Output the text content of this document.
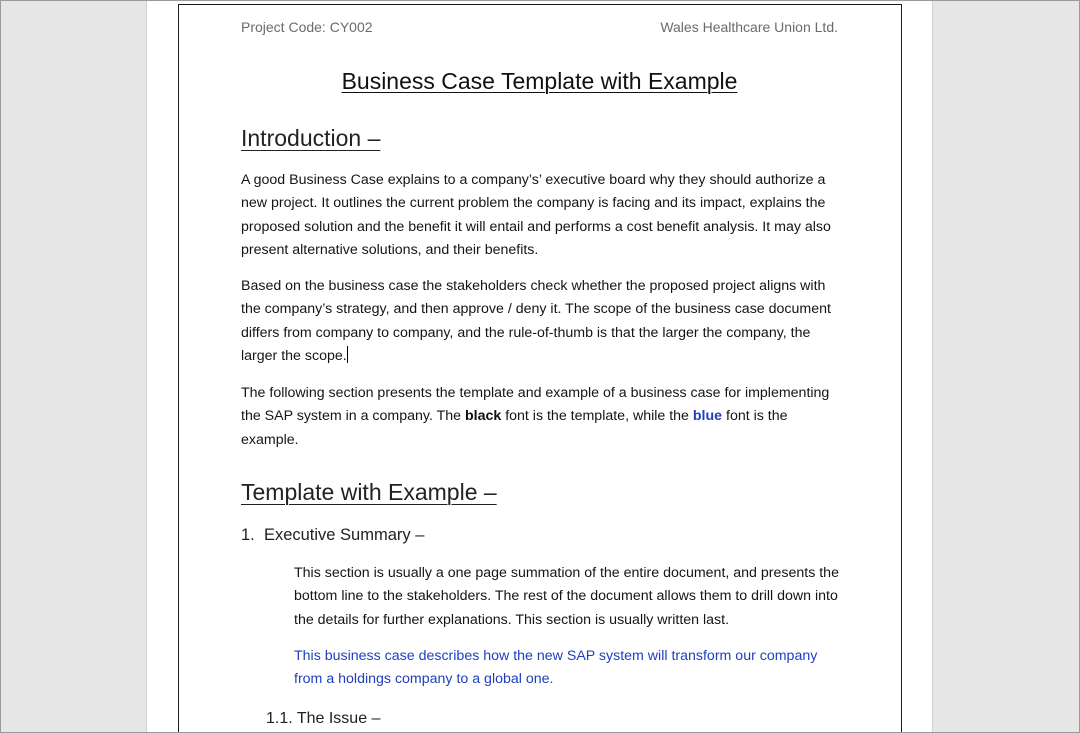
Project Code: CY002	Wales Healthcare Union Ltd.
Business Case Template with Example
Introduction –

A good Business Case explains to a company’s’ executive board why they should authorize a new project. It outlines the current problem the company is facing and its impact, explains the proposed solution and the benefit it will entail and performs a cost benefit analysis. It may also present alternative solutions, and their benefits.

Based on the business case the stakeholders check whether the proposed project aligns with the company’s strategy, and then approve / deny it. The scope of the business case document differs from company to company, and the rule-of-thumb is that the larger the company, the larger the scope.

The following section presents the template and example of a business case for implementing the SAP system in a company. The black font is the template, while the blue font is the example.

Template with Example –
1. Executive Summary –

This section is usually a one page summation of the entire document, and presents the bottom line to the stakeholders. The rest of the document allows them to drill down into the details for further explanations. This section is usually written last.

This business case describes how the new SAP system will transform our company from a holdings company to a global one.

1.1. The Issue –
